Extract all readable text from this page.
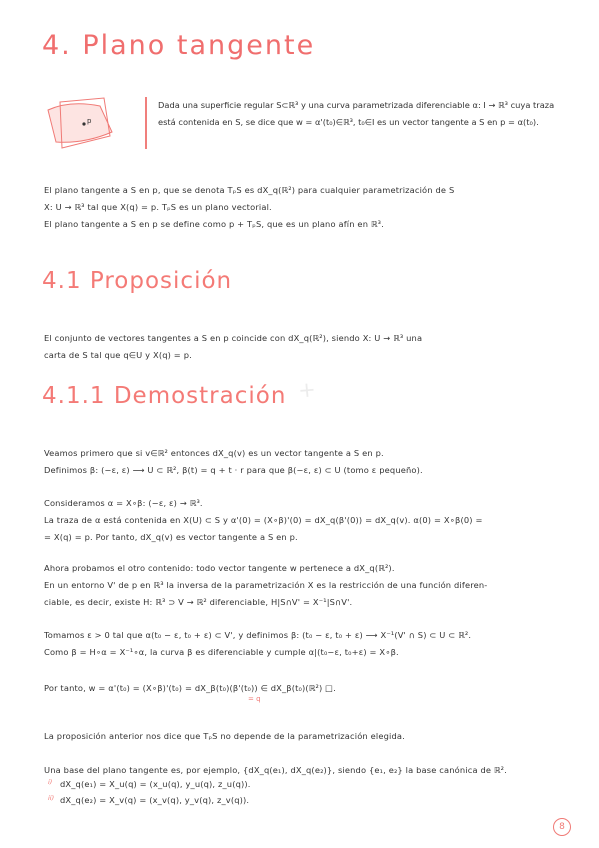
4. Plano tangente
p
Dada una superficie regular S⊂ℝ³ y una curva parametrizada diferenciable α: I → ℝ³ cuya traza está contenida en S, se dice que w = α'(t₀)∈ℝ³, t₀∈I es un vector tangente a S en p = α(t₀).
El plano tangente a S en p, que se denota TₚS es dX_q(ℝ²) para cualquier parametrización de S
X: U → ℝ³ tal que X(q) = p. TₚS es un plano vectorial.
El plano tangente a S en p se define como p + TₚS, que es un plano afín en ℝ³.
4.1 Proposición
El conjunto de vectores tangentes a S en p coincide con dX_q(ℝ²), siendo X: U → ℝ³ una
carta de S tal que q∈U y X(q) = p.
4.1.1 Demostración ✕
Veamos primero que si v∈ℝ² entonces dX_q(v) es un vector tangente a S en p.
Definimos β: (−ε, ε) ⟶ U ⊂ ℝ², β(t) = q + t · r para que β(−ε, ε) ⊂ U (tomo ε pequeño).
Consideramos α = X∘β: (−ε, ε) → ℝ³.
La traza de α está contenida en X(U) ⊂ S y α'(0) = (X∘β)'(0) = dX_q(β'(0)) = dX_q(v). α(0) = X∘β(0) =
= X(q) = p. Por tanto, dX_q(v) es vector tangente a S en p.
Ahora probamos el otro contenido: todo vector tangente w pertenece a dX_q(ℝ²).
En un entorno V' de p en ℝ³ la inversa de la parametrización X es la restricción de una función diferen-
ciable, es decir, existe H: ℝ³ ⊃ V → ℝ² diferenciable, H|S∩V' = X⁻¹|S∩V'.
Tomamos ε > 0 tal que α(t₀ − ε, t₀ + ε) ⊂ V', y definimos β: (t₀ − ε, t₀ + ε) ⟶ X⁻¹(V' ∩ S) ⊂ U ⊂ ℝ².
Como β = H∘α = X⁻¹∘α, la curva β es diferenciable y cumple α|(t₀−ε, t₀+ε) = X∘β.
Por tanto, w = α'(t₀) = (X∘β)'(t₀) = dX_β(t₀)(β'(t₀)) ∈ dX_β(t₀)(ℝ²) □.
= q
La proposición anterior nos dice que TₚS no depende de la parametrización elegida.
Una base del plano tangente es, por ejemplo, {dX_q(e₁), dX_q(e₂)}, siendo {e₁, e₂} la base canónica de ℝ².
i) dX_q(e₁) = X_u(q) = (x_u(q), y_u(q), z_u(q)).
ii) dX_q(e₂) = X_v(q) = (x_v(q), y_v(q), z_v(q)).
8
